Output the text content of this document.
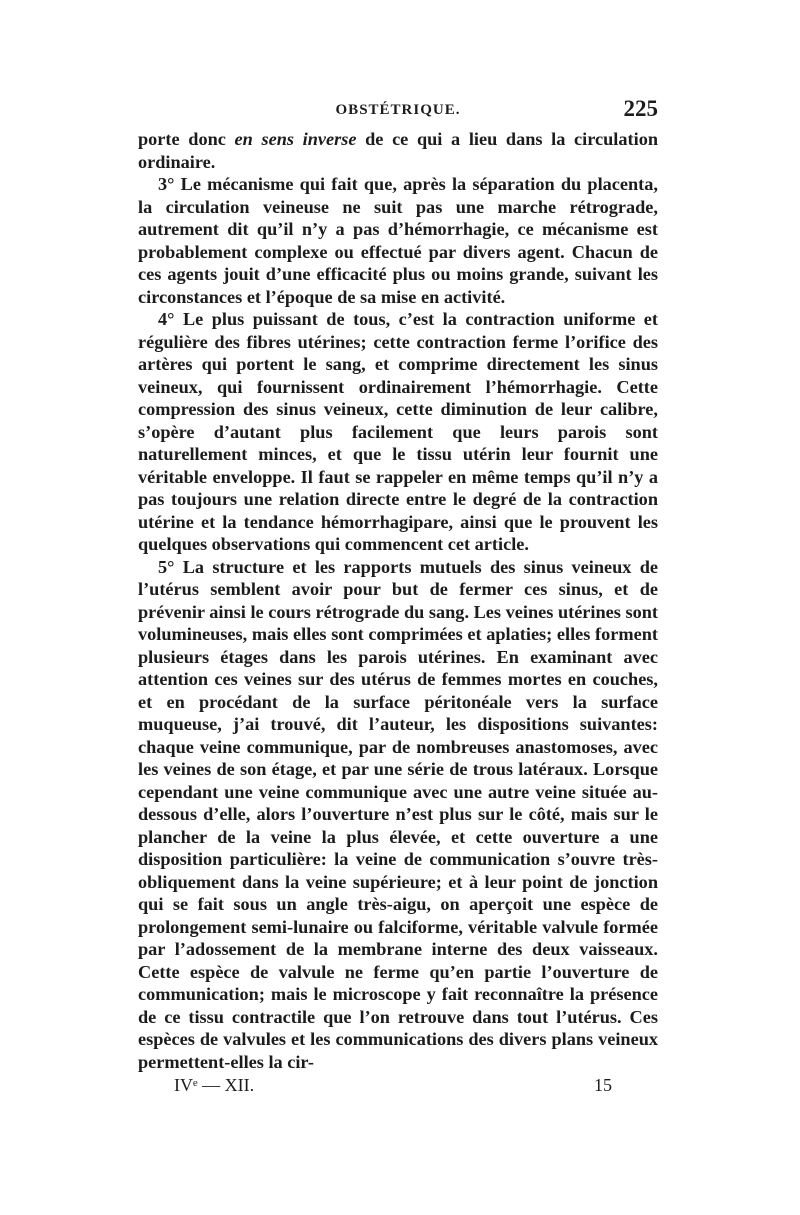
OBSTÉTRIQUE.	225

porte donc en sens inverse de ce qui a lieu dans la circulation ordinaire.

3° Le mécanisme qui fait que, après la séparation du placenta, la circulation veineuse ne suit pas une marche rétrograde, autrement dit qu’il n’y a pas d’hémorrhagie, ce mécanisme est probablement complexe ou effectué par divers agent. Chacun de ces agents jouit d’une efficacité plus ou moins grande, suivant les circonstances et l’époque de sa mise en activité.

4° Le plus puissant de tous, c’est la contraction uniforme et régulière des fibres utérines; cette contraction ferme l’orifice des artères qui portent le sang, et comprime directement les sinus veineux, qui fournissent ordinairement l’hémorrhagie. Cette compression des sinus veineux, cette diminution de leur calibre, s’opère d’autant plus facilement que leurs parois sont naturellement minces, et que le tissu utérin leur fournit une véritable enveloppe. Il faut se rappeler en même temps qu’il n’y a pas toujours une relation directe entre le degré de la contraction utérine et la tendance hémorrhagipare, ainsi que le prouvent les quelques observations qui commencent cet article.

5° La structure et les rapports mutuels des sinus veineux de l’utérus semblent avoir pour but de fermer ces sinus, et de prévenir ainsi le cours rétrograde du sang. Les veines utérines sont volumineuses, mais elles sont comprimées et aplaties; elles forment plusieurs étages dans les parois utérines. En examinant avec attention ces veines sur des utérus de femmes mortes en couches, et en procédant de la surface péritonéale vers la surface muqueuse, j’ai trouvé, dit l’auteur, les dispositions suivantes: chaque veine communique, par de nombreuses anastomoses, avec les veines de son étage, et par une série de trous latéraux. Lorsque cependant une veine communique avec une autre veine située au-dessous d’elle, alors l’ouverture n’est plus sur le côté, mais sur le plancher de la veine la plus élevée, et cette ouverture a une disposition particulière: la veine de communication s’ouvre très-obliquement dans la veine supérieure; et à leur point de jonction qui se fait sous un angle très-aigu, on aperçoit une espèce de prolongement semi-lunaire ou falciforme, véritable valvule formée par l’adossement de la membrane interne des deux vaisseaux. Cette espèce de valvule ne ferme qu’en partie l’ouverture de communication; mais le microscope y fait reconnaître la présence de ce tissu contractile que l’on retrouve dans tout l’utérus. Ces espèces de valvules et les communications des divers plans veineux permettent-elles la cir-

IVᵉ — XII.	15
